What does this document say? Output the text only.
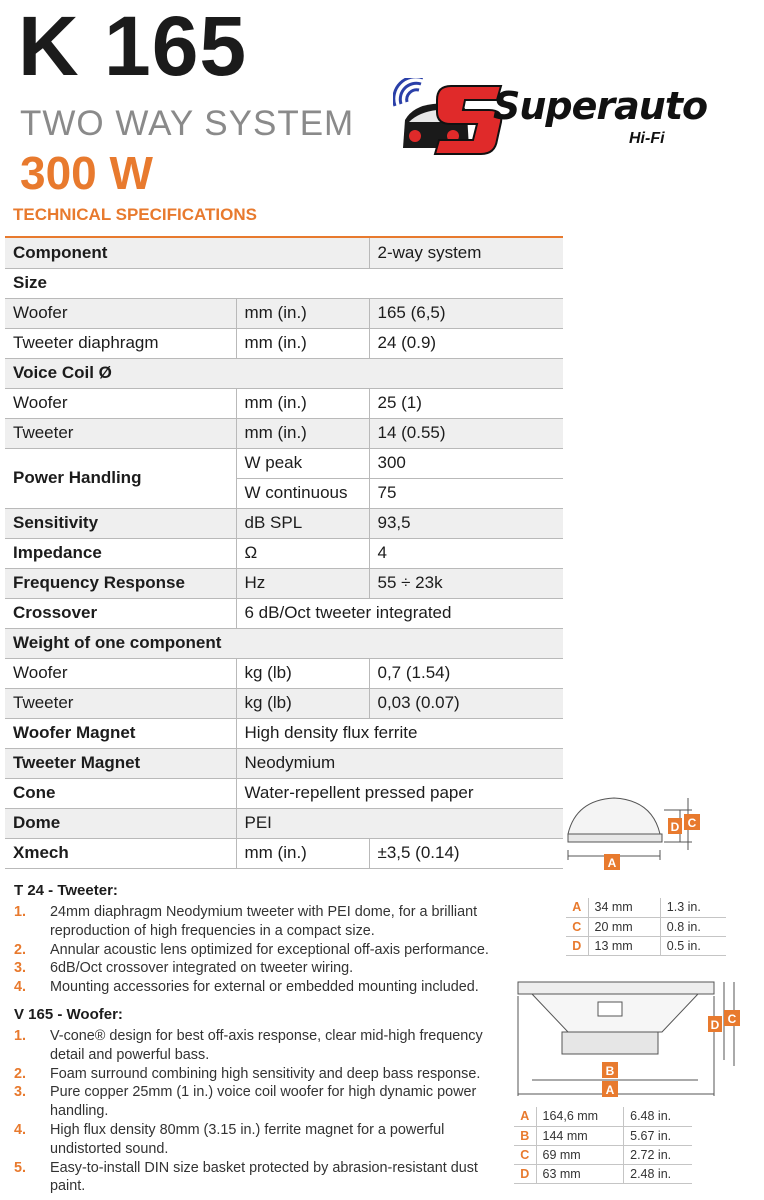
K 165
TWO WAY SYSTEM
300 W
TECHNICAL SPECIFICATIONS
Superauto
Hi-Fi
Component		2-way system
Size		
Woofer	mm (in.)	165 (6,5)
Tweeter diaphragm	mm (in.)	24 (0.9)
Voice Coil Ø		
Woofer	mm (in.)	25 (1)
Tweeter	mm (in.)	14 (0.55)
Power Handling	W peak	300
	W continuous	75
Sensitivity	dB SPL	93,5
Impedance	Ω	4
Frequency Response	Hz	55 ÷ 23k
Crossover	6 dB/Oct tweeter integrated	
Weight of one component		
Woofer	kg (lb)	0,7 (1.54)
Tweeter	kg (lb)	0,03 (0.07)
Woofer Magnet	High density flux ferrite	
Tweeter Magnet	Neodymium	
Cone	Water-repellent pressed paper	
Dome	PEI	
Xmech	mm (in.)	±3,5 (0.14)
T 24 - Tweeter:
1. 24mm diaphragm Neodymium tweeter with PEI dome, for a brilliant reproduction of high frequencies in a compact size.
2. Annular acoustic lens optimized for exceptional off-axis performance.
3. 6dB/Oct crossover integrated on tweeter wiring.
4. Mounting accessories for external or embedded mounting included.
V 165 - Woofer:
1. V-cone® design for best off-axis response, clear mid-high frequency detail and powerful bass.
2. Foam surround combining high sensitivity and deep bass response.
3. Pure copper 25mm (1 in.) voice coil woofer for high dynamic power handling.
4. High flux density 80mm (3.15 in.) ferrite magnet for a powerful undistorted sound.
5. Easy-to-install DIN size basket protected by abrasion-resistant dust paint.
A
D C
A	34 mm	1.3 in.
C	20 mm	0.8 in.
D	13 mm	0.5 in.
B
A
D C
A	164,6 mm	6.48 in.
B	144 mm	5.67 in.
C	69 mm	2.72 in.
D	63 mm	2.48 in.
